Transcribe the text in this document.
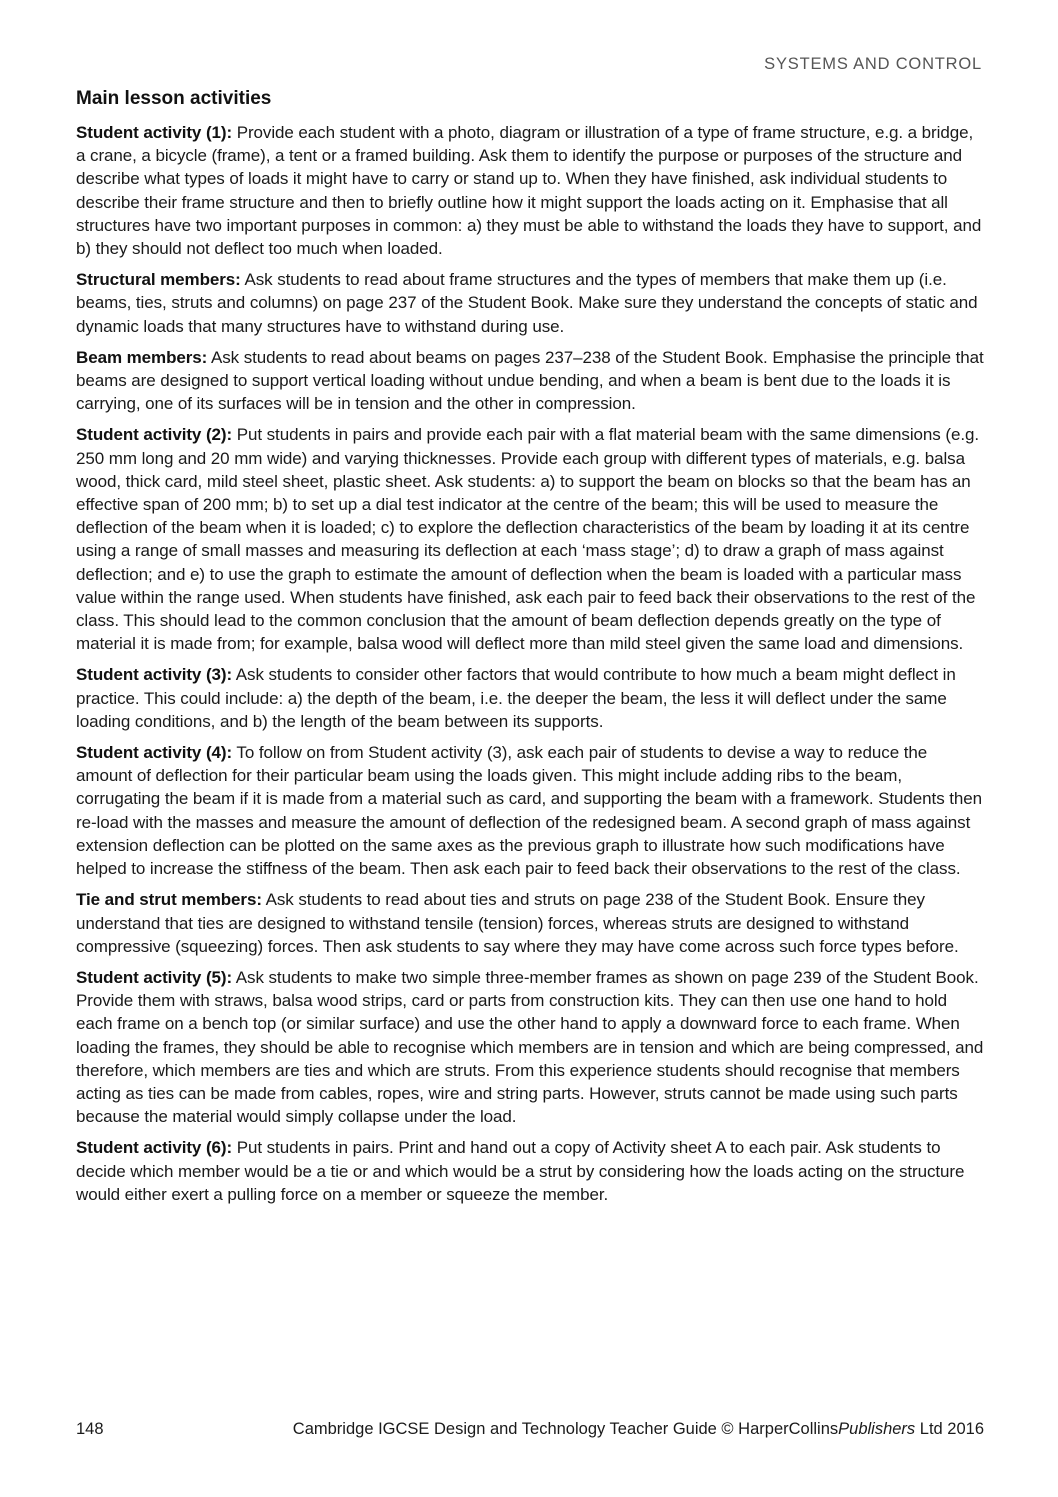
SYSTEMS AND CONTROL
Main lesson activities

Student activity (1): Provide each student with a photo, diagram or illustration of a type of frame structure, e.g. a bridge, a crane, a bicycle (frame), a tent or a framed building. Ask them to identify the purpose or purposes of the structure and describe what types of loads it might have to carry or stand up to. When they have finished, ask individual students to describe their frame structure and then to briefly outline how it might support the loads acting on it. Emphasise that all structures have two important purposes in common: a) they must be able to withstand the loads they have to support, and b) they should not deflect too much when loaded.

Structural members: Ask students to read about frame structures and the types of members that make them up (i.e. beams, ties, struts and columns) on page 237 of the Student Book. Make sure they understand the concepts of static and dynamic loads that many structures have to withstand during use.

Beam members: Ask students to read about beams on pages 237–238 of the Student Book. Emphasise the principle that beams are designed to support vertical loading without undue bending, and when a beam is bent due to the loads it is carrying, one of its surfaces will be in tension and the other in compression.

Student activity (2): Put students in pairs and provide each pair with a flat material beam with the same dimensions (e.g. 250 mm long and 20 mm wide) and varying thicknesses. Provide each group with different types of materials, e.g. balsa wood, thick card, mild steel sheet, plastic sheet. Ask students: a) to support the beam on blocks so that the beam has an effective span of 200 mm; b) to set up a dial test indicator at the centre of the beam; this will be used to measure the deflection of the beam when it is loaded; c) to explore the deflection characteristics of the beam by loading it at its centre using a range of small masses and measuring its deflection at each ‘mass stage’; d) to draw a graph of mass against deflection; and e) to use the graph to estimate the amount of deflection when the beam is loaded with a particular mass value within the range used. When students have finished, ask each pair to feed back their observations to the rest of the class. This should lead to the common conclusion that the amount of beam deflection depends greatly on the type of material it is made from; for example, balsa wood will deflect more than mild steel given the same load and dimensions.

Student activity (3): Ask students to consider other factors that would contribute to how much a beam might deflect in practice. This could include: a) the depth of the beam, i.e. the deeper the beam, the less it will deflect under the same loading conditions, and b) the length of the beam between its supports.

Student activity (4): To follow on from Student activity (3), ask each pair of students to devise a way to reduce the amount of deflection for their particular beam using the loads given. This might include adding ribs to the beam, corrugating the beam if it is made from a material such as card, and supporting the beam with a framework. Students then re-load with the masses and measure the amount of deflection of the redesigned beam. A second graph of mass against extension deflection can be plotted on the same axes as the previous graph to illustrate how such modifications have helped to increase the stiffness of the beam. Then ask each pair to feed back their observations to the rest of the class.

Tie and strut members: Ask students to read about ties and struts on page 238 of the Student Book. Ensure they understand that ties are designed to withstand tensile (tension) forces, whereas struts are designed to withstand compressive (squeezing) forces. Then ask students to say where they may have come across such force types before.

Student activity (5): Ask students to make two simple three-member frames as shown on page 239 of the Student Book. Provide them with straws, balsa wood strips, card or parts from construction kits. They can then use one hand to hold each frame on a bench top (or similar surface) and use the other hand to apply a downward force to each frame. When loading the frames, they should be able to recognise which members are in tension and which are being compressed, and therefore, which members are ties and which are struts. From this experience students should recognise that members acting as ties can be made from cables, ropes, wire and string parts. However, struts cannot be made using such parts because the material would simply collapse under the load.

Student activity (6): Put students in pairs. Print and hand out a copy of Activity sheet A to each pair. Ask students to decide which member would be a tie or and which would be a strut by considering how the loads acting on the structure would either exert a pulling force on a member or squeeze the member.

148	Cambridge IGCSE Design and Technology Teacher Guide © HarperCollinsPublishers Ltd 2016
